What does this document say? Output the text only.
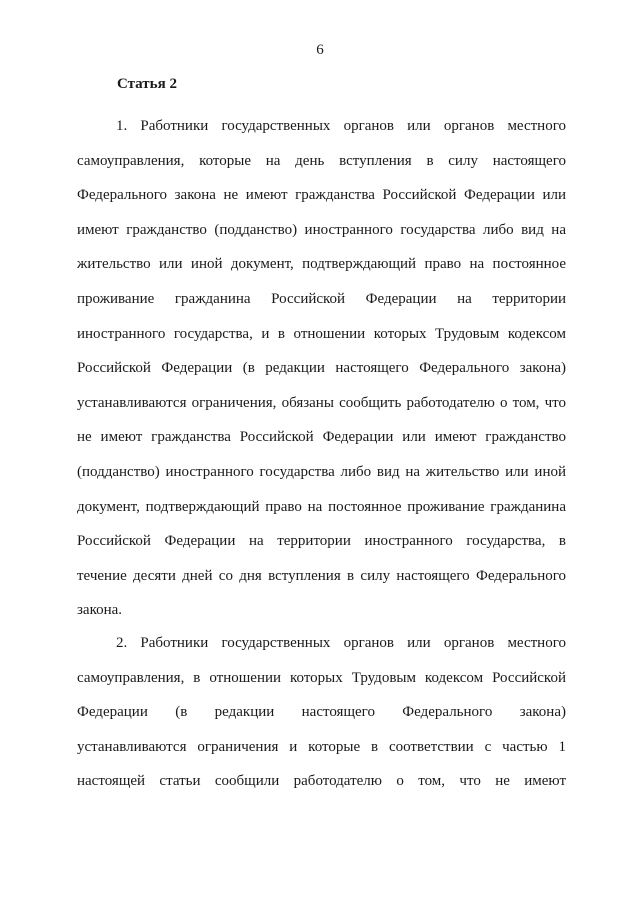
6
Статья 2
1. Работники государственных органов или органов местного
самоуправления, которые на день вступления в силу настоящего
Федерального закона не имеют гражданства Российской Федерации или
имеют гражданство (подданство) иностранного государства либо вид на
жительство или иной документ, подтверждающий право на постоянное
проживание гражданина Российской Федерации на территории
иностранного государства, и в отношении которых Трудовым кодексом
Российской Федерации (в редакции настоящего Федерального закона)
устанавливаются ограничения, обязаны сообщить работодателю о том, что
не имеют гражданства Российской Федерации или имеют гражданство
(подданство) иностранного государства либо вид на жительство или иной
документ, подтверждающий право на постоянное проживание гражданина
Российской Федерации на территории иностранного государства, в
течение десяти дней со дня вступления в силу настоящего Федерального
закона.
2. Работники государственных органов или органов местного
самоуправления, в отношении которых Трудовым кодексом Российской
Федерации (в редакции настоящего Федерального закона)
устанавливаются ограничения и которые в соответствии с частью 1
настоящей статьи сообщили работодателю о том, что не имеют
